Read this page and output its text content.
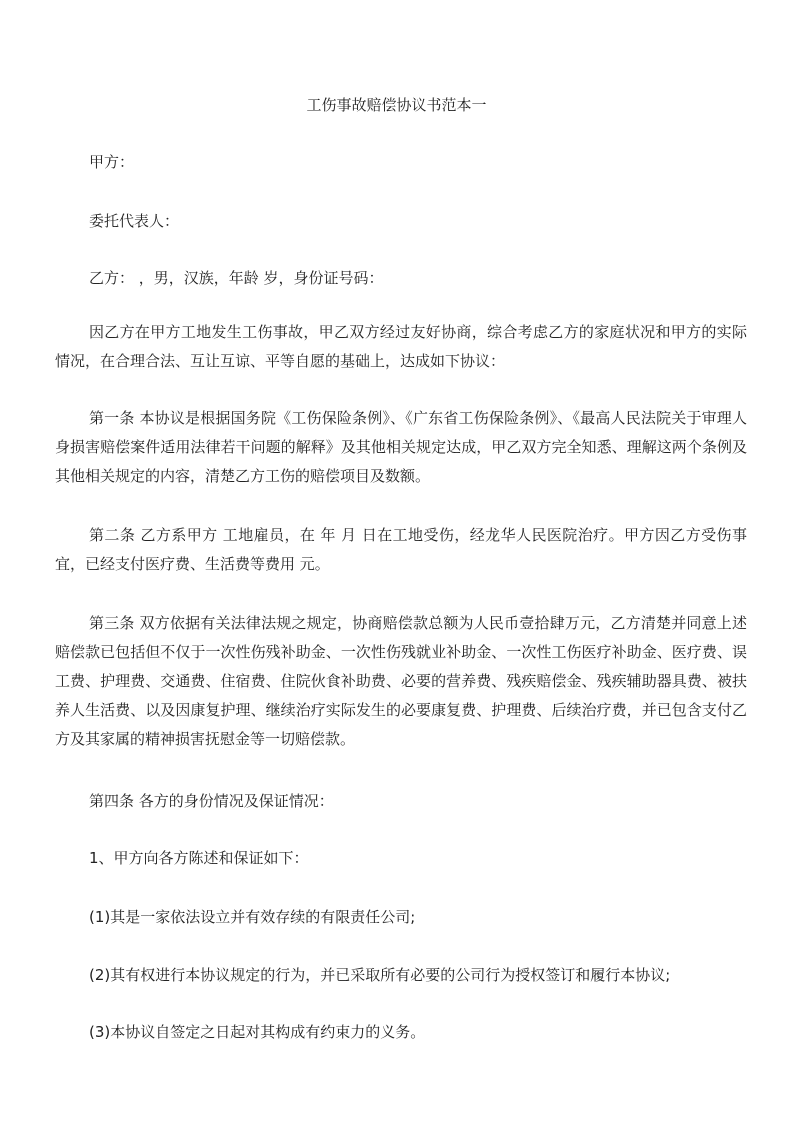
工伤事故赔偿协议书范本一
甲方：
委托代表人：
乙方： ，男，汉族，年龄 岁，身份证号码：
因乙方在甲方工地发生工伤事故，甲乙双方经过友好协商，综合考虑乙方的家庭状况和甲方的实际情况，在合理合法、互让互谅、平等自愿的基础上，达成如下协议：
第一条 本协议是根据国务院《工伤保险条例》、《广东省工伤保险条例》、《最高人民法院关于审理人身损害赔偿案件适用法律若干问题的解释》及其他相关规定达成，甲乙双方完全知悉、理解这两个条例及其他相关规定的内容，清楚乙方工伤的赔偿项目及数额。
第二条 乙方系甲方 工地雇员，在 年 月 日在工地受伤，经龙华人民医院治疗。甲方因乙方受伤事宜，已经支付医疗费、生活费等费用 元。
第三条 双方依据有关法律法规之规定，协商赔偿款总额为人民币壹拾肆万元，乙方清楚并同意上述赔偿款已包括但不仅于一次性伤残补助金、一次性伤残就业补助金、一次性工伤医疗补助金、医疗费、误工费、护理费、交通费、住宿费、住院伙食补助费、必要的营养费、残疾赔偿金、残疾辅助器具费、被扶养人生活费、以及因康复护理、继续治疗实际发生的必要康复费、护理费、后续治疗费，并已包含支付乙方及其家属的精神损害抚慰金等一切赔偿款。
第四条 各方的身份情况及保证情况：
1、甲方向各方陈述和保证如下：
(1)其是一家依法设立并有效存续的有限责任公司;
(2)其有权进行本协议规定的行为，并已采取所有必要的公司行为授权签订和履行本协议;
(3)本协议自签定之日起对其构成有约束力的义务。
